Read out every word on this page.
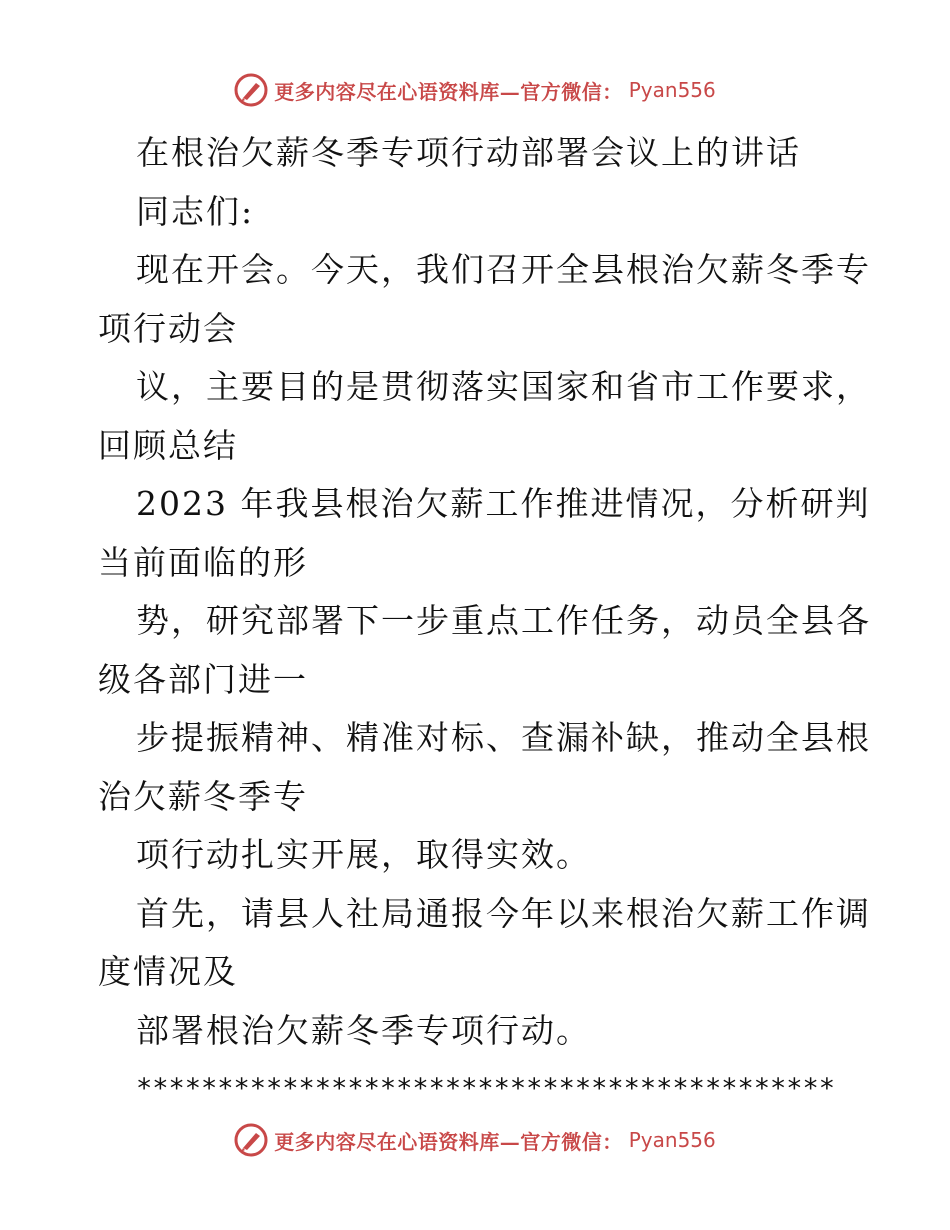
更多内容尽在心语资料库—官方微信： Pyan556
在根治欠薪冬季专项行动部署会议上的讲话
同志们:
现在开会。今天，我们召开全县根治欠薪冬季专
项行动会
议，主要目的是贯彻落实国家和省市工作要求，
回顾总结
2023 年我县根治欠薪工作推进情况，分析研判
当前面临的形
势，研究部署下一步重点工作任务，动员全县各
级各部门进一
步提振精神、精准对标、查漏补缺，推动全县根
治欠薪冬季专
项行动扎实开展，取得实效。
首先，请县人社局通报今年以来根治欠薪工作调
度情况及
部署根治欠薪冬季专项行动。
*******************************************
更多内容尽在心语资料库—官方微信： Pyan556
